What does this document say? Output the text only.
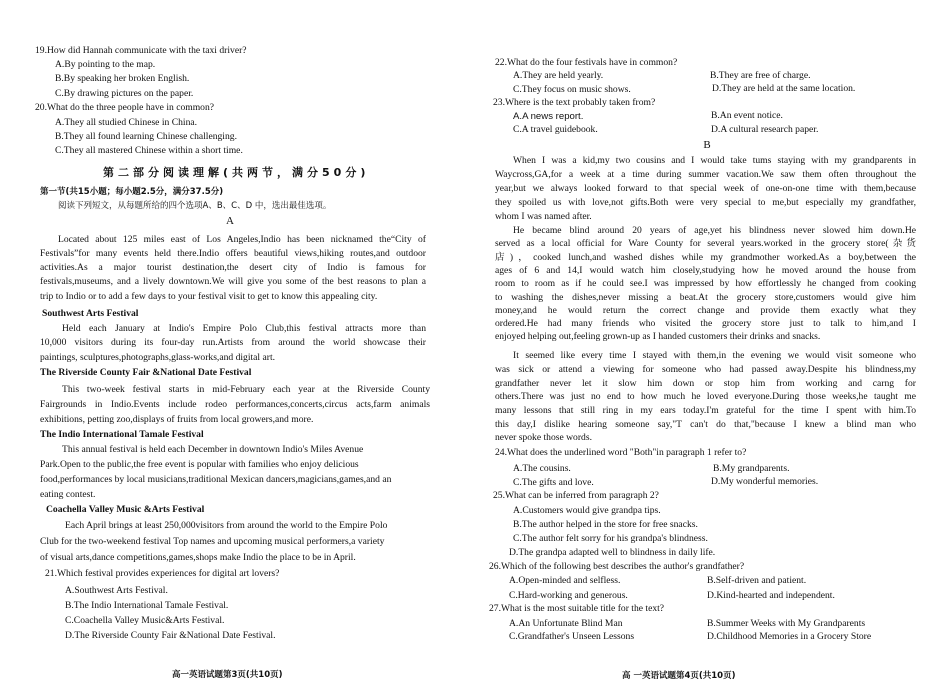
19.How did Hannah communicate with the taxi driver?
A.By pointing to the map.
B.By speaking her broken English.
C.By drawing pictures on the paper.
20.What do the three people have in common?
A.They all studied Chinese in China.
B.They all found learning Chinese challenging.
C.They all mastered Chinese within a short time.
第二部分阅读理解(共两节，满分50分)
第一节(共15小题；每小题2.5分，满分37.5分)
阅读下列短文，从每题所给的四个选项A、B、C、D 中，选出最佳选项。
A
Located about 125 miles east of Los Angeles,Indio has been nicknamed the“City of
Festivals”for many events held there.Indio offers beautiful views,hiking routes,and outdoor
activities.As a major tourist destination,the desert city of Indio is famous for
festivals,museums, and a lively downtown.We will give you some of the best reasons to plan a
trip to Indio or to add a few days to your festival visit to get to know this appealing city.
Southwest Arts Festival
Held each January at Indio's Empire Polo Club,this festival attracts more than
10,000 visitors during its four-day run.Artists from around the world showcase their
paintings, sculptures,photographs,glass-works,and digital art.
The Riverside County Fair &National Date Festival
This two-week festival starts in mid-February each year at the Riverside County
Fairgrounds in Indio.Events include rodeo performances,concerts,circus acts,farm animals
exhibitions, petting zoo,displays of fruits from local growers,and more.
The Indio International Tamale Festival
This annual festival is held each December in downtown Indio's Miles Avenue
Park.Open to the public,the free event is popular with families who enjoy delicious
food,performances by local musicians,traditional Mexican dancers,magicians,games,and an
eating contest.
Coachella Valley Music &Arts Festival
Each April brings at least 250,000visitors from around the world to the Empire Polo
Club for the two-weekend festival Top names and upcoming musical performers,a variety
of visual arts,dance competitions,games,shops make Indio the place to be in April.
21.Which festival provides experiences for digital art lovers?
A.Southwest Arts Festival.
B.The Indio International Tamale Festival.
C.Coachella Valley Music&Arts Festival.
D.The Riverside County Fair &National Date Festival.
高一英语试题第3页(共10页)
22.What do the four festivals have in common?
A.They are held yearly.	B.They are free of charge.
C.They focus on music shows.	D.They are held at the same location.
23.Where is the text probably taken from?
A.A news report.	B.An event notice.
C.A travel guidebook.	D.A cultural research paper.
B
When I was a kid,my two cousins and I would take tums staying with my grandparents in
Waycross,GA,for a week at a time during summer vacation.We saw them often throughout the
year,but we always looked forward to that special week of one-on-one time with them,because
they spoiled us with love,not gifts.Both were very special to me,but especially my grandfather,
whom I was named after.
He became blind around 20 years of age,yet his blindness never slowed him down.He
served as a local official for Ware County for several years.worked in the grocery store(杂货
店)，cooked lunch,and washed dishes while my grandmother worked.As a boy,between the
ages of 6 and 14,I would watch him closely,studying how he moved around the house from
room to room as if he could see.I was impressed by how effortlessly he changed from cooking
to washing the dishes,never missing a beat.At the grocery store,customers would give him
money,and he would return the correct change and provide them exactly what they
ordered.He had many friends who visited the grocery store just to talk to him,and I
enjoyed helping out,feeling grown-up as I handed customers their drinks and snacks.
It seemed like every time I stayed with them,in the evening we would visit someone who
was sick or attend a viewing for someone who had passed away.Despite his blindness,my
grandfather never let it slow him down or stop him from working and carng for
others.There was just no end to how much he loved everyone.During those weeks,he taught me
many lessons that still ring in my ears today.I'm grateful for the time I spent with him.To
this day,I dislike hearing someone say,"T can't do that,"because I knew a blind man who
never spoke those words.
24.What does the underlined word "Both"in paragraph 1 refer to?
A.The cousins.	B.My grandparents.
C.The gifts and love.	D.My wonderful memories.
25.What can be inferred from paragraph 2?
A.Customers would give grandpa tips.
B.The author helped in the store for free snacks.
C.The author felt sorry for his grandpa's blindness.
D.The grandpa adapted well to blindness in daily life.
26.Which of the following best describes the author's grandfather?
A.Open-minded and selfless.	B.Self-driven and patient.
C.Hard-working and generous.	D.Kind-hearted and independent.
27.What is the most suitable title for the text?
A.An Unfortunate Blind Man	B.Summer Weeks with My Grandparents
C.Grandfather's Unseen Lessons	D.Childhood Memories in a Grocery Store
高 一英语试题第4页(共10页)
